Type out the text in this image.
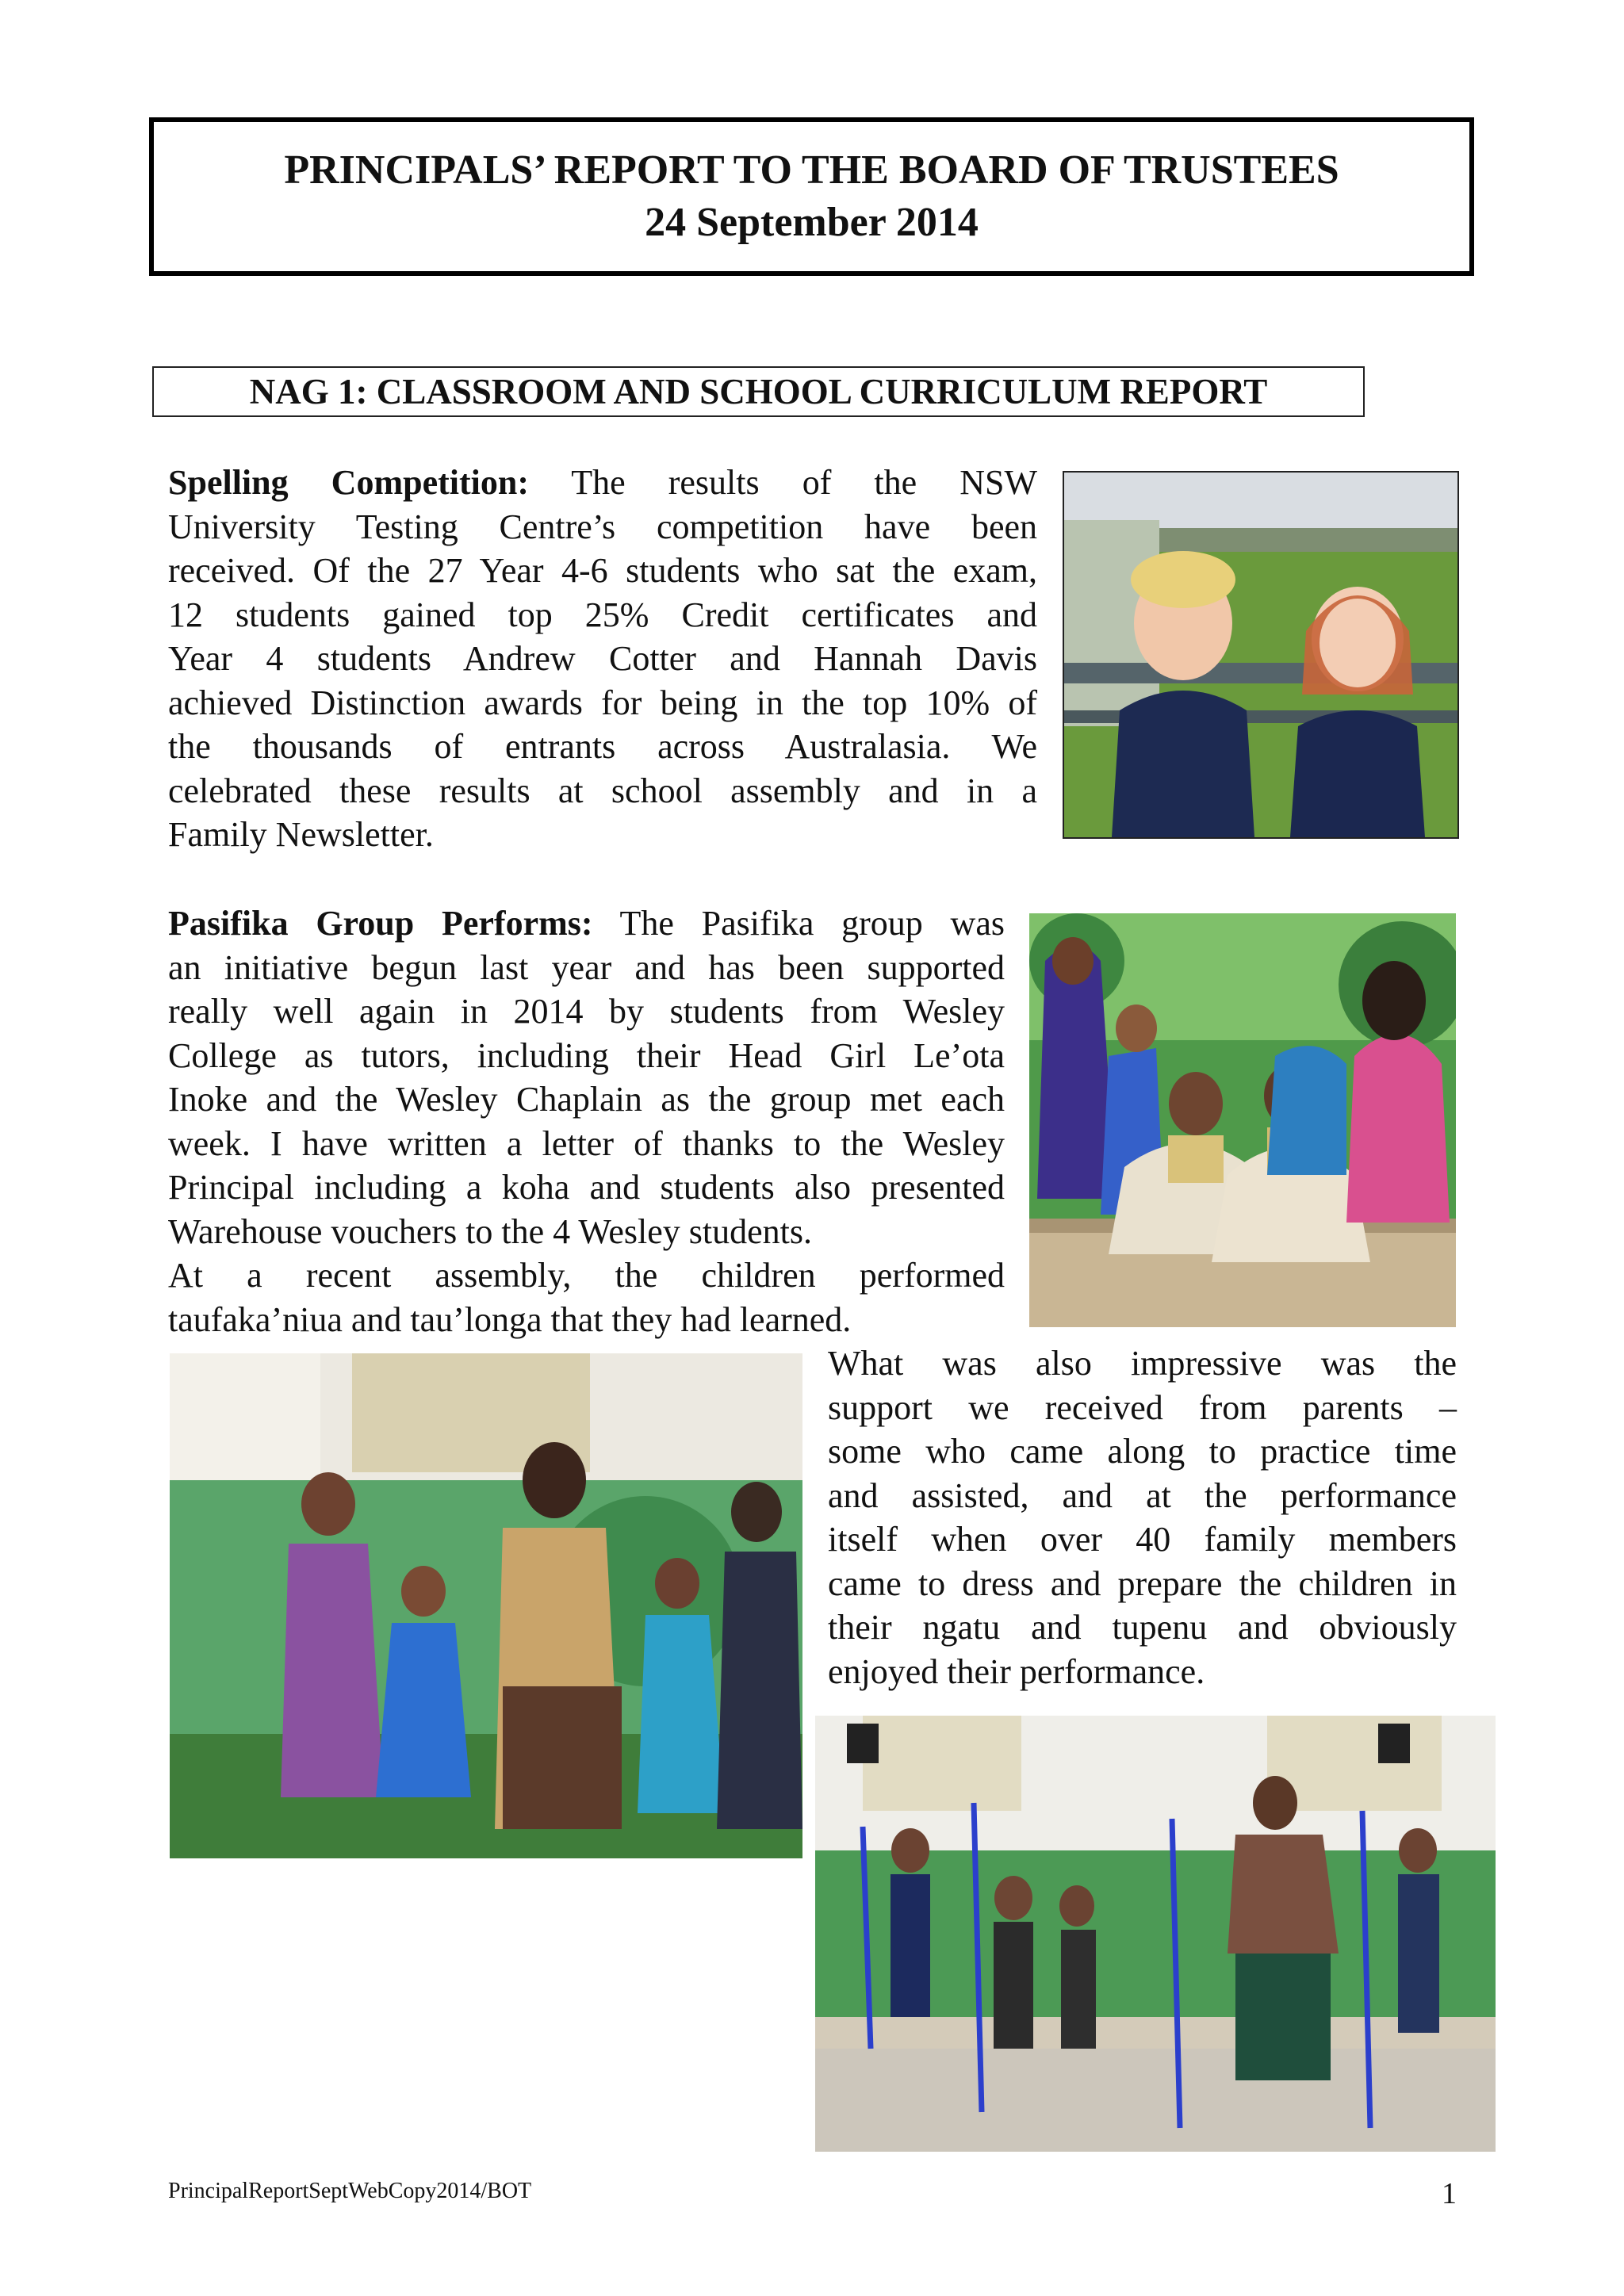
PRINCIPALS’ REPORT TO THE BOARD OF TRUSTEES
24 September 2014
NAG 1: CLASSROOM AND SCHOOL CURRICULUM REPORT
Spelling Competition: The results of the NSW
University Testing Centre’s competition have been
received. Of the 27 Year 4-6 students who sat the exam,
12 students gained top 25% Credit certificates and
Year 4 students Andrew Cotter and Hannah Davis
achieved Distinction awards for being in the top 10% of
the thousands of entrants across Australasia. We
celebrated these results at school assembly and in a
Family Newsletter.
Pasifika Group Performs: The Pasifika group was
an initiative begun last year and has been supported
really well again in 2014 by students from Wesley
College as tutors, including their Head Girl Le’ota
Inoke and the Wesley Chaplain as the group met each
week. I have written a letter of thanks to the Wesley
Principal including a koha and students also presented
Warehouse vouchers to the 4 Wesley students.
At a recent assembly, the children performed
taufaka’niua and tau’longa that they had learned.
What was also impressive was the
support we received from parents –
some who came along to practice time
and assisted, and at the performance
itself when over 40 family members
came to dress and prepare the children in
their ngatu and tupenu and obviously
enjoyed their performance.
PrincipalReportSeptWebCopy2014/BOT	1
